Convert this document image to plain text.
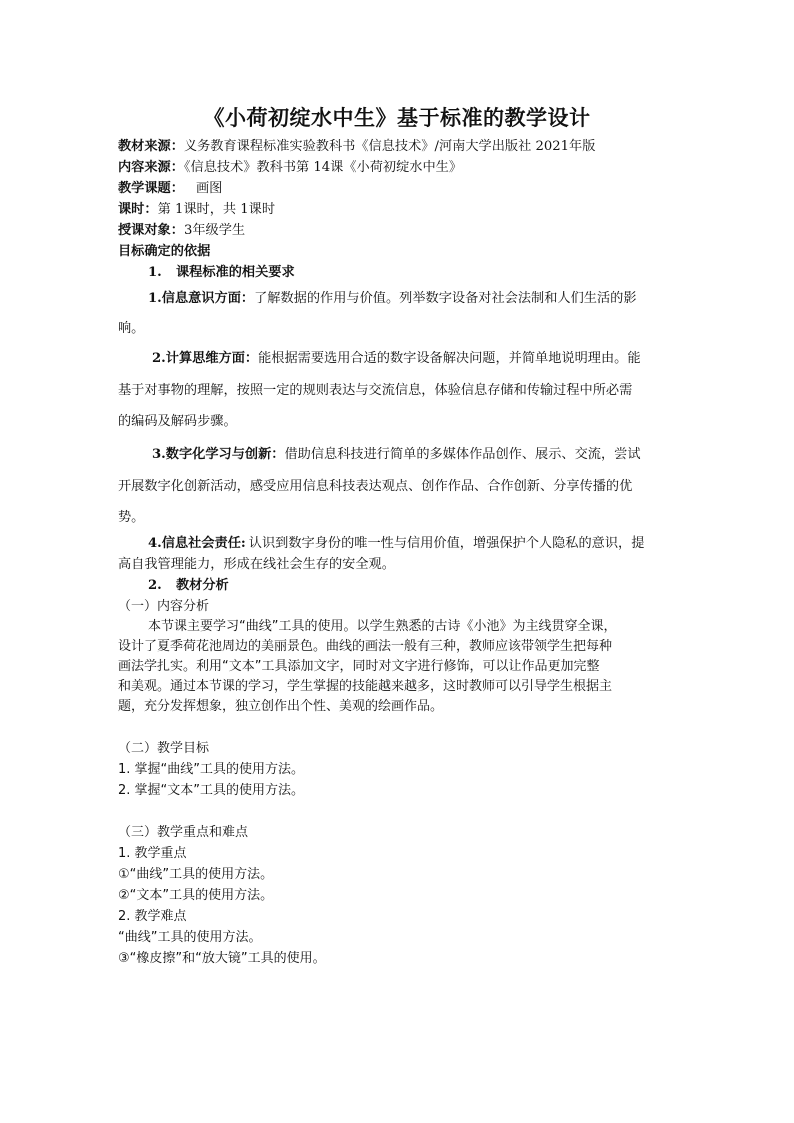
《小荷初绽水中生》基于标准的教学设计
教材来源：义务教育课程标准实验教科书《信息技术》/河南大学出版社 2021年版
内容来源：《信息技术》教科书第 14课《小荷初绽水中生》
教学课题： 画图
课时：第 1课时，共 1课时
授课对象：3年级学生
目标确定的依据
1. 课程标准的相关要求
1.信息意识方面：了解数据的作用与价值。列举数字设备对社会法制和人们生活的影
响。
2.计算思维方面：能根据需要选用合适的数字设备解决问题，并简单地说明理由。能
基于对事物的理解，按照一定的规则表达与交流信息，体验信息存储和传输过程中所必需
的编码及解码步骤。
3.数字化学习与创新：借助信息科技进行简单的多媒体作品创作、展示、交流，尝试
开展数字化创新活动，感受应用信息科技表达观点、创作作品、合作创新、分享传播的优
势。
4.信息社会责任: 认识到数字身份的唯一性与信用价值，增强保护个人隐私的意识，提
高自我管理能力，形成在线社会生存的安全观。
2. 教材分析
（一）内容分析
本节课主要学习“曲线”工具的使用。以学生熟悉的古诗《小池》为主线贯穿全课，
设计了夏季荷花池周边的美丽景色。曲线的画法一般有三种，教师应该带领学生把每种
画法学扎实。利用“文本”工具添加文字，同时对文字进行修饰，可以让作品更加完整
和美观。通过本节课的学习，学生掌握的技能越来越多，这时教师可以引导学生根据主
题，充分发挥想象，独立创作出个性、美观的绘画作品。
（二）教学目标
1. 掌握“曲线”工具的使用方法。
2. 掌握“文本”工具的使用方法。
（三）教学重点和难点
1. 教学重点
①“曲线”工具的使用方法。
②“文本”工具的使用方法。
2. 教学难点
“曲线”工具的使用方法。
③“橡皮擦”和“放大镜”工具的使用。
